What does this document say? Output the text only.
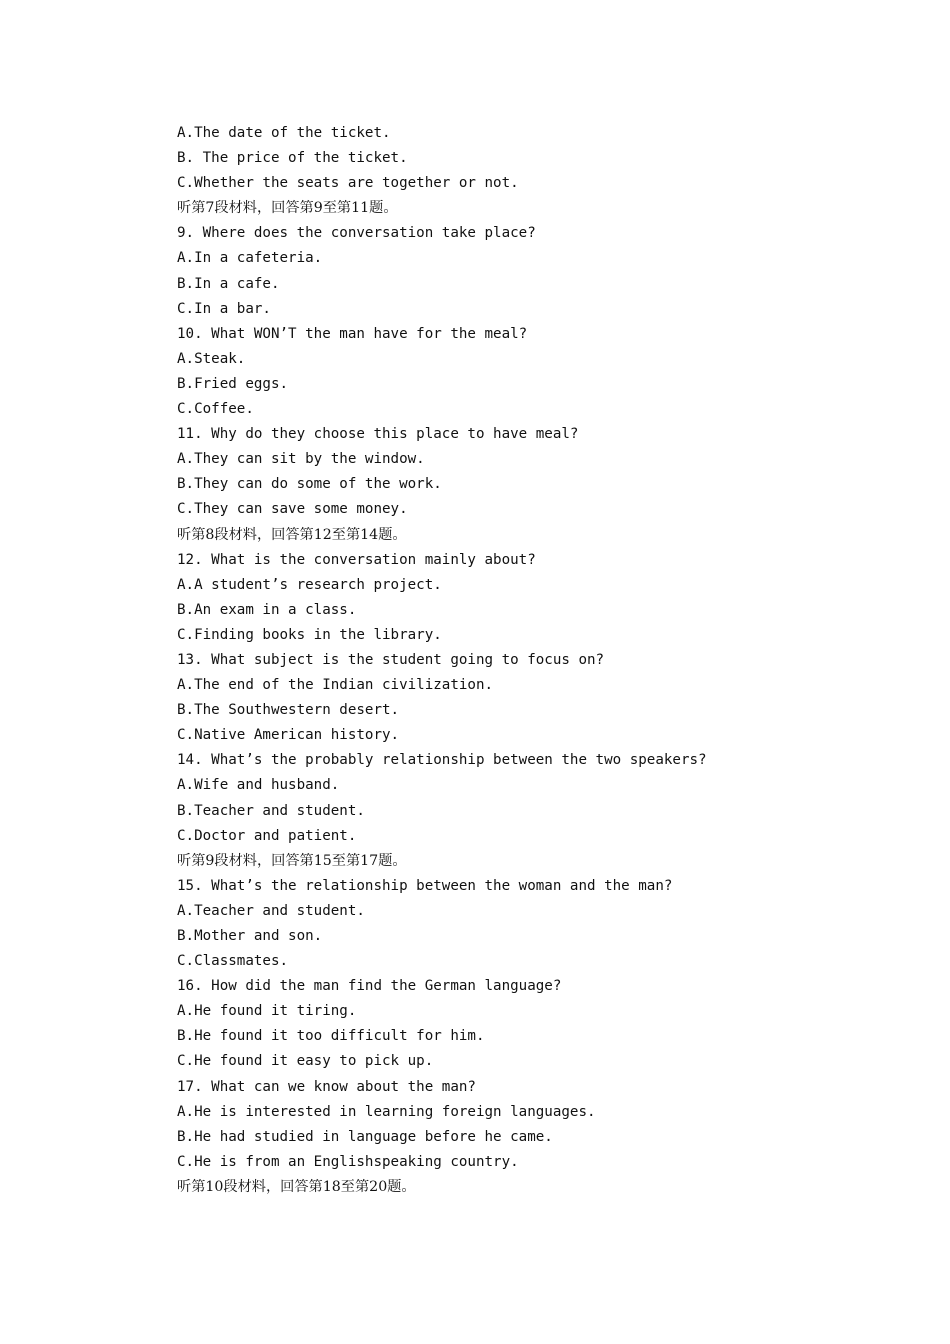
A.The date of the ticket.

B. The price of the ticket.

C.Whether the seats are together or not.

听第7段材料，回答第9至第11题。

9. Where does the conversation take place?

A.In a cafeteria.

B.In a cafe.

C.In a bar.

10. What WON’T the man have for the meal?

A.Steak.

B.Fried eggs.

C.Coffee.

11. Why do they choose this place to have meal?

A.They can sit by the window.

B.They can do some of the work.

C.They can save some money.

听第8段材料，回答第12至第14题。

12. What is the conversation mainly about?

A.A student’s research project.

B.An exam in a class.

C.Finding books in the library.

13. What subject is the student going to focus on?

A.The end of the Indian civilization.

B.The Southwestern desert.

C.Native American history.

14. What’s the probably relationship between the two speakers?

A.Wife and husband.

B.Teacher and student.

C.Doctor and patient.

听第9段材料，回答第15至第17题。

15. What’s the relationship between the woman and the man?

A.Teacher and student.

B.Mother and son.

C.Classmates.

16. How did the man find the German language?

A.He found it tiring.

B.He found it too difficult for him.

C.He found it easy to pick up.

17. What can we know about the man?

A.He is interested in learning foreign languages.

B.He had studied in language before he came.

C.He is from an Englishspeaking country.

听第10段材料，回答第18至第20题。
